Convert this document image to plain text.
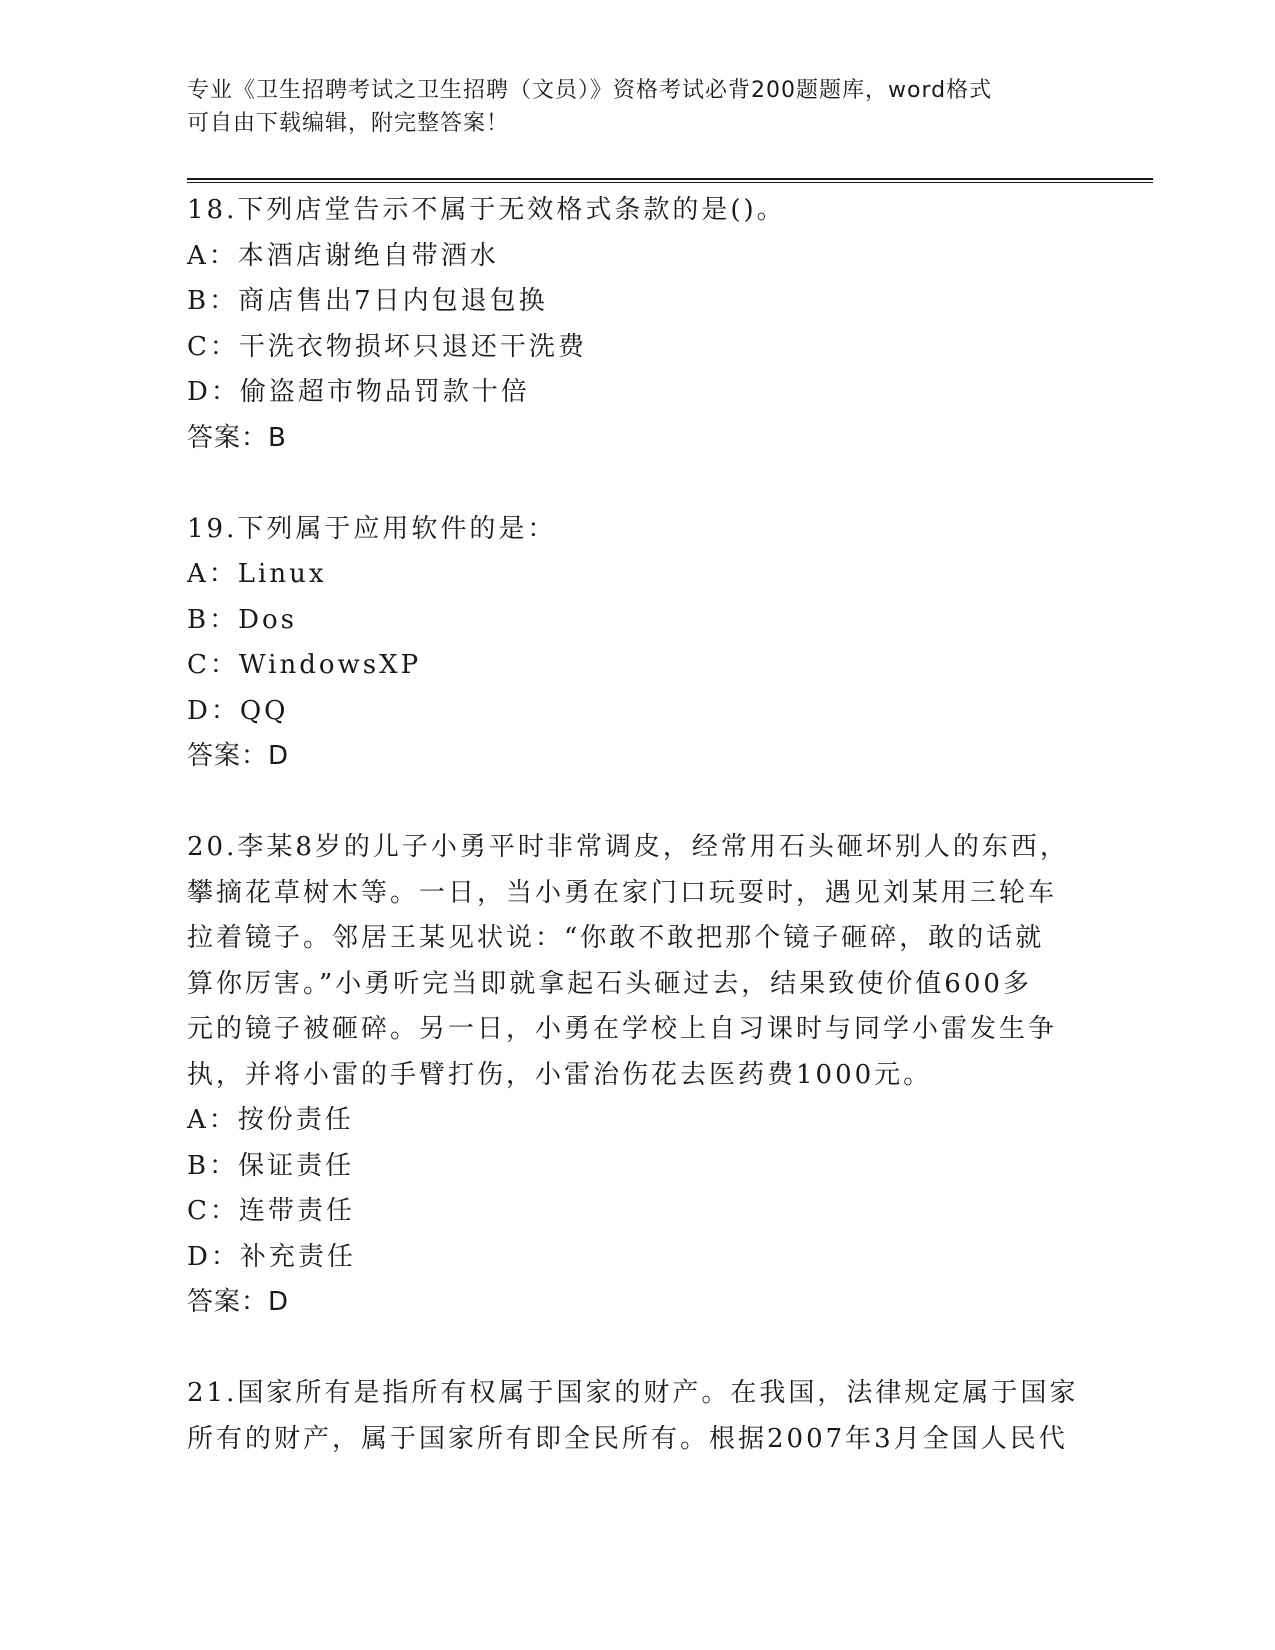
专业《卫生招聘考试之卫生招聘（文员）》资格考试必背200题题库，word格式
可自由下载编辑，附完整答案！
18.下列店堂告示不属于无效格式条款的是()。
A：本酒店谢绝自带酒水
B：商店售出7日内包退包换
C：干洗衣物损坏只退还干洗费
D：偷盗超市物品罚款十倍
答案：B
19.下列属于应用软件的是：
A：Linux
B：Dos
C：WindowsXP
D：QQ
答案：D
20.李某8岁的儿子小勇平时非常调皮，经常用石头砸坏别人的东西，
攀摘花草树木等。一日，当小勇在家门口玩耍时，遇见刘某用三轮车
拉着镜子。邻居王某见状说：“你敢不敢把那个镜子砸碎，敢的话就
算你厉害。”小勇听完当即就拿起石头砸过去，结果致使价值600多
元的镜子被砸碎。另一日，小勇在学校上自习课时与同学小雷发生争
执，并将小雷的手臂打伤，小雷治伤花去医药费1000元。
A：按份责任
B：保证责任
C：连带责任
D：补充责任
答案：D
21.国家所有是指所有权属于国家的财产。在我国，法律规定属于国家
所有的财产，属于国家所有即全民所有。根据2007年3月全国人民代
